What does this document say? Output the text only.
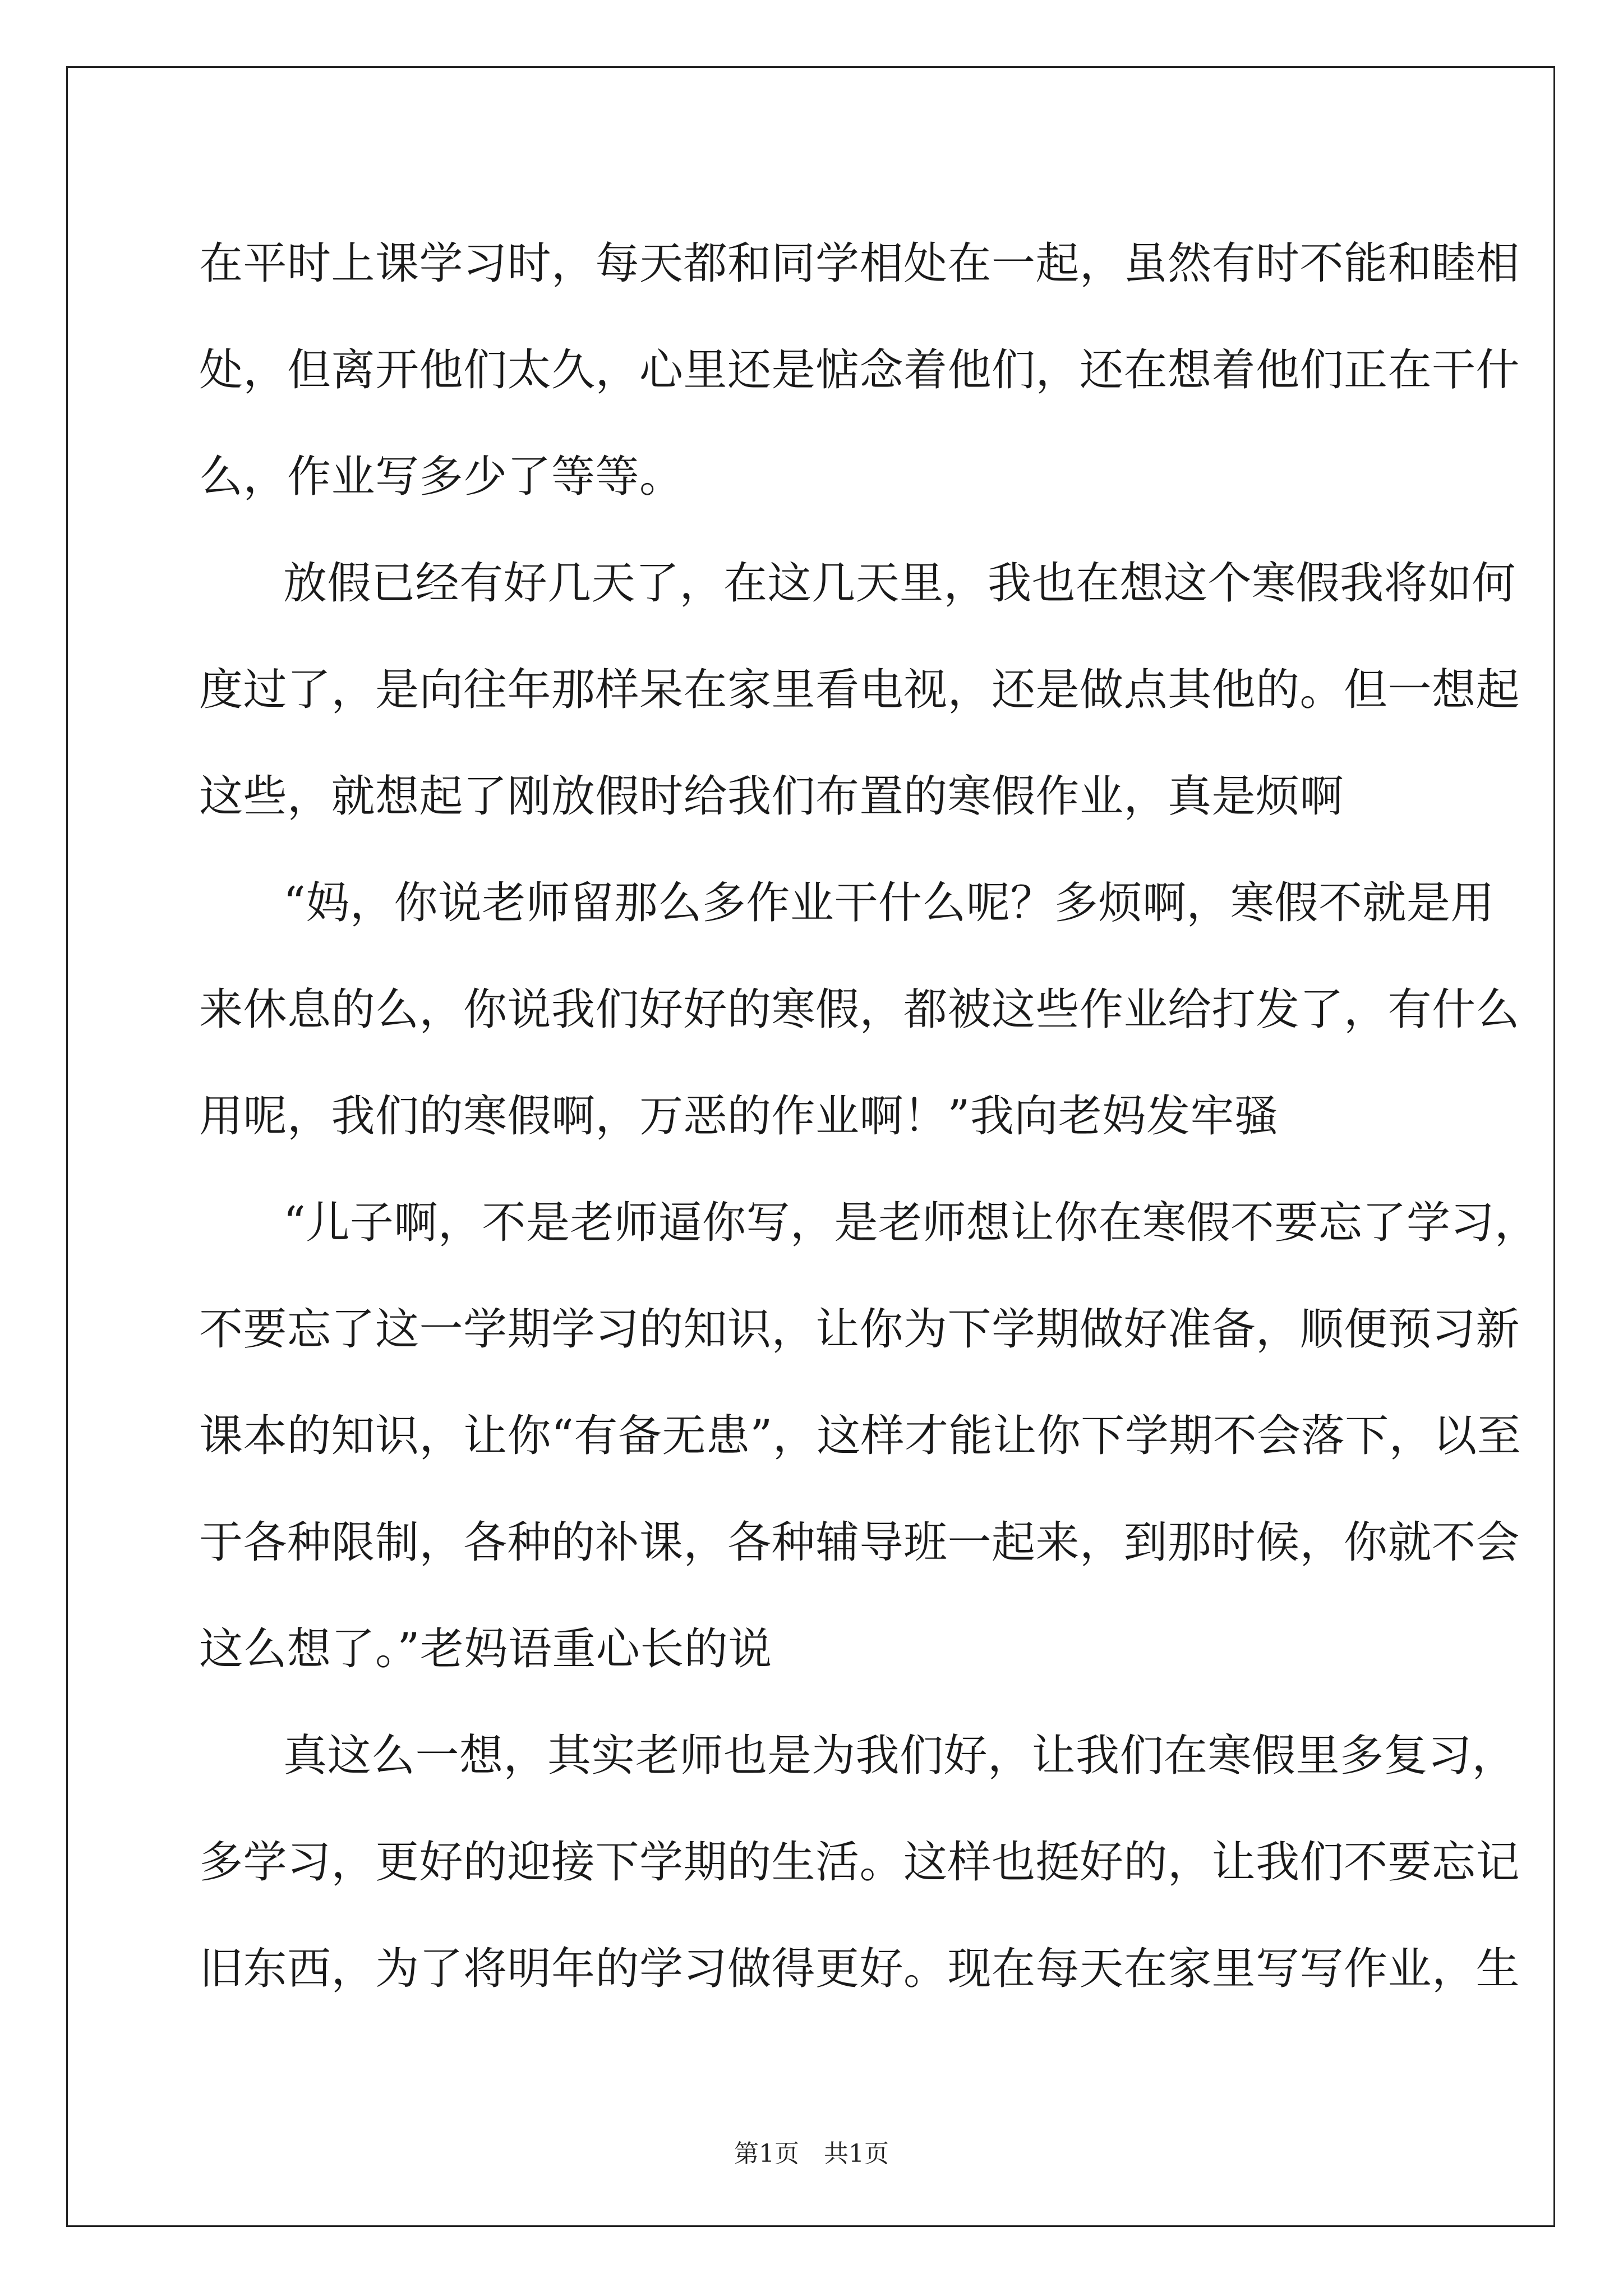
在平时上课学习时，每天都和同学相处在一起，虽然有时不能和睦相
处，但离开他们太久，心里还是惦念着他们，还在想着他们正在干什
么，作业写多少了等等。
放假已经有好几天了，在这几天里，我也在想这个寒假我将如何
度过了，是向往年那样呆在家里看电视，还是做点其他的。但一想起
这些，就想起了刚放假时给我们布置的寒假作业，真是烦啊
“妈，你说老师留那么多作业干什么呢？多烦啊，寒假不就是用
来休息的么，你说我们好好的寒假，都被这些作业给打发了，有什么
用呢，我们的寒假啊，万恶的作业啊！”我向老妈发牢骚
“儿子啊，不是老师逼你写，是老师想让你在寒假不要忘了学习，
不要忘了这一学期学习的知识，让你为下学期做好准备，顺便预习新
课本的知识，让你“有备无患”，这样才能让你下学期不会落下，以至
于各种限制，各种的补课，各种辅导班一起来，到那时候，你就不会
这么想了。”老妈语重心长的说
真这么一想，其实老师也是为我们好，让我们在寒假里多复习，
多学习，更好的迎接下学期的生活。这样也挺好的，让我们不要忘记
旧东西，为了将明年的学习做得更好。现在每天在家里写写作业，生
第1页　共1页
